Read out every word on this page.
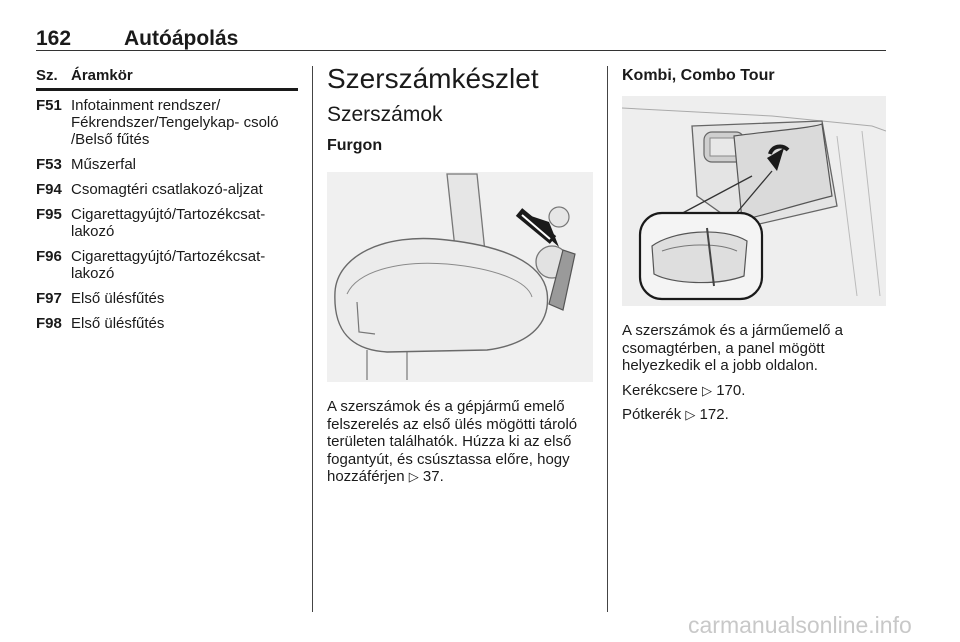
162	Autóápolás
Sz. Áramkör
F51 Infotainment rendszer/ Fékrendszer/Tengelykap- csoló /Belső fűtés
F53 Műszerfal
F94 Csomagtéri csatlakozó-aljzat
F95 Cigarettagyújtó/Tartozékcsat- lakozó
F96 Cigarettagyújtó/Tartozékcsat- lakozó
F97 Első ülésfűtés
F98 Első ülésfűtés
Szerszámkészlet
Szerszámok
Furgon

A szerszámok és a gépjármű emelő felszerelés az első ülés mögötti tároló területen találhatók. Húzza ki az első fogantyút, és csúsztassa előre, hogy hozzáférjen ▷ 37.

Kombi, Combo Tour

A szerszámok és a járműemelő a csomagtérben, a panel mögött helyezkedik el a jobb oldalon.

Kerékcsere ▷ 170.

Pótkerék ▷ 172.

carmanualsonline.info
